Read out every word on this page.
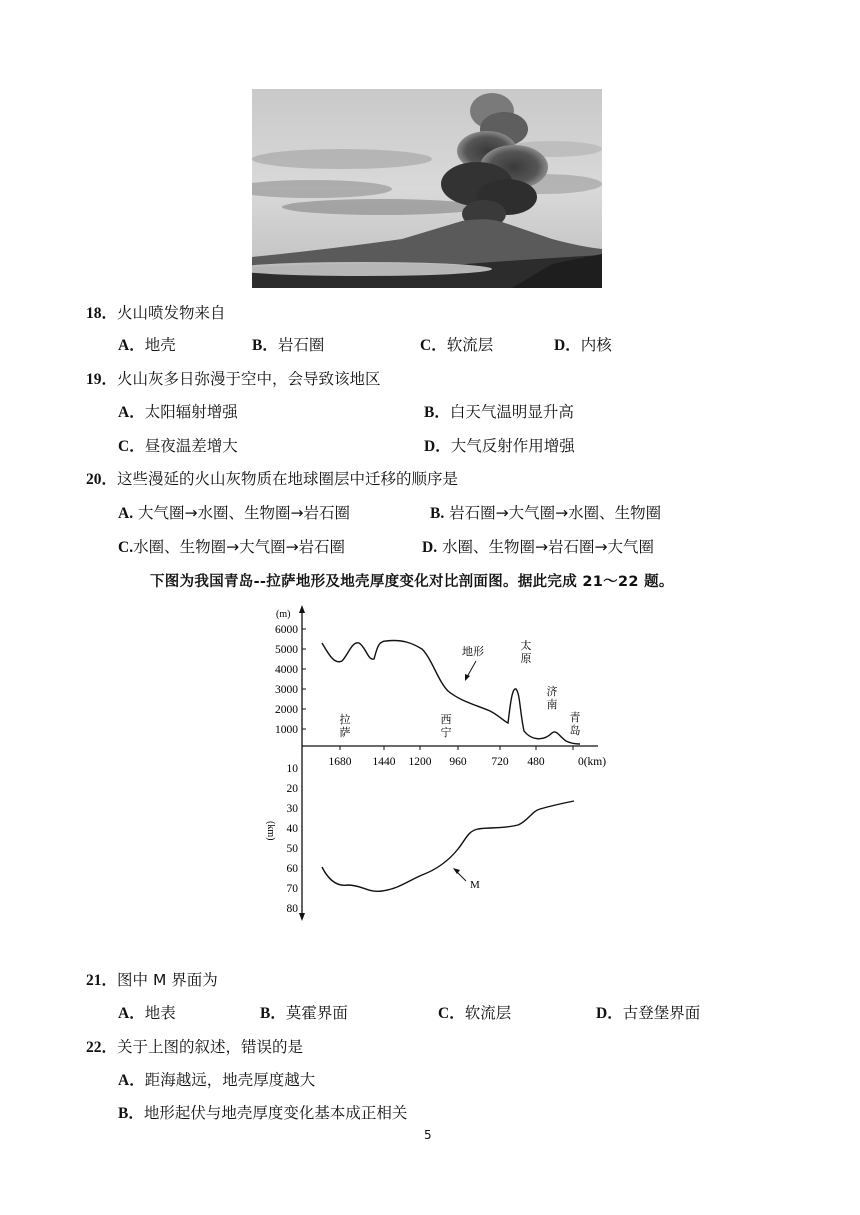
18．火山喷发物来自
A．地壳	B．岩石圈	C．软流层	D．内核
19．火山灰多日弥漫于空中，会导致该地区
A．太阳辐射增强	B．白天气温明显升高
C．昼夜温差增大	D．大气反射作用增强
20．这些漫延的火山灰物质在地球圈层中迁移的顺序是
A. 大气圈→水圈、生物圈→岩石圈	B. 岩石圈→大气圈→水圈、生物圈
C.水圈、生物圈→大气圈→岩石圈	D. 水圈、生物圈→岩石圈→大气圈
下图为我国青岛--拉萨地形及地壳厚度变化对比剖面图。据此完成 21～22 题。
(m)
6000
5000
4000
3000
2000
1000
1680 1440 1200 960 720 480	0(km)
10
20
30
40
50
60
70
80
(km)
地形
拉萨
西宁
太原
济南
青岛
M
21．图中 M 界面为
A．地表	B．莫霍界面	C．软流层	D．古登堡界面
22．关于上图的叙述，错误的是
A．距海越远，地壳厚度越大
B．地形起伏与地壳厚度变化基本成正相关
5
